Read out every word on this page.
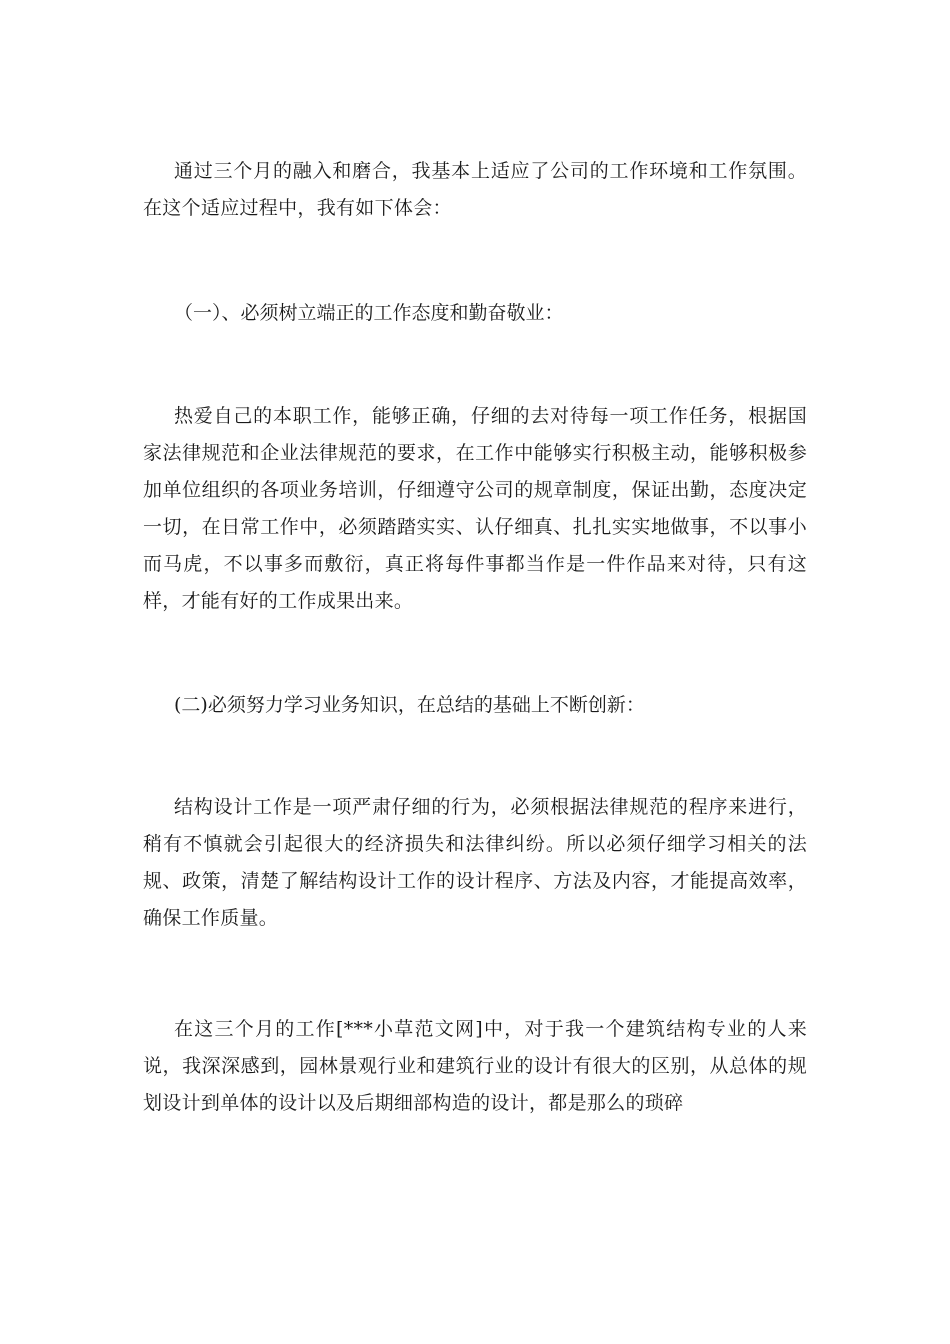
通过三个月的融入和磨合，我基本上适应了公司的工作环境和工作氛围。在这个适应过程中，我有如下体会：

（一）、必须树立端正的工作态度和勤奋敬业：

热爱自己的本职工作，能够正确，仔细的去对待每一项工作任务，根据国家法律规范和企业法律规范的要求，在工作中能够实行积极主动，能够积极参加单位组织的各项业务培训，仔细遵守公司的规章制度，保证出勤，态度决定一切，在日常工作中，必须踏踏实实、认仔细真、扎扎实实地做事，不以事小而马虎，不以事多而敷衍，真正将每件事都当作是一件作品来对待，只有这样，才能有好的工作成果出来。

(二)必须努力学习业务知识，在总结的基础上不断创新：

结构设计工作是一项严肃仔细的行为，必须根据法律规范的程序来进行，稍有不慎就会引起很大的经济损失和法律纠纷。所以必须仔细学习相关的法规、政策，清楚了解结构设计工作的设计程序、方法及内容，才能提高效率，确保工作质量。

在这三个月的工作[***小草范文网]中，对于我一个建筑结构专业的人来说，我深深感到，园林景观行业和建筑行业的设计有很大的区别，从总体的规划设计到单体的设计以及后期细部构造的设计，都是那么的琐碎
